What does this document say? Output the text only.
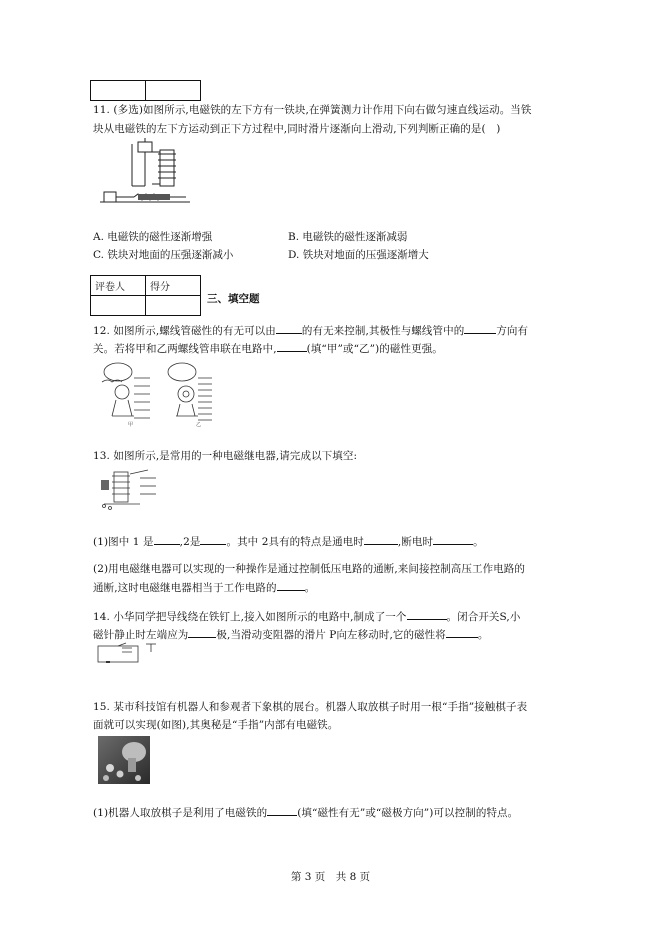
11. (多选)如图所示,电磁铁的左下方有一铁块,在弹簧测力计作用下向右做匀速直线运动。当铁
块从电磁铁的左下方运动到正下方过程中,同时滑片逐渐向上滑动,下列判断正确的是(　)
A. 电磁铁的磁性逐渐增强	B. 电磁铁的磁性逐渐减弱
C. 铁块对地面的压强逐渐减小	D. 铁块对地面的压强逐渐增大
评卷人	得分

三、填空题
12. 如图所示,螺线管磁性的有无可以由 的有无来控制,其极性与螺线管中的	方向有
关。若将甲和乙两螺线管串联在电路中,	(填“甲”或“乙”)的磁性更强。
甲	乙
13. 如图所示,是常用的一种电磁继电器,请完成以下填空:
(1)图中 1 是 ,2是 。其中 2具有的特点是通电时	,断电时	。
(2)用电磁继电器可以实现的一种操作是通过控制低压电路的通断,来间接控制高压工作电路的
通断,这时电磁继电器相当于工作电路的	。
14. 小华同学把导线绕在铁钉上,接入如图所示的电路中,制成了一个	。闭合开关S,小
磁针静止时左端应为	极,当滑动变阻器的滑片 P向左移动时,它的磁性将	。
15. 某市科技馆有机器人和参观者下象棋的展台。机器人取放棋子时用一根“手指”接触棋子表
面就可以实现(如图),其奥秘是“手指”内部有电磁铁。
(1)机器人取放棋子是利用了电磁铁的	(填“磁性有无”或“磁极方向”)可以控制的特点。
第 3 页　共 8 页
